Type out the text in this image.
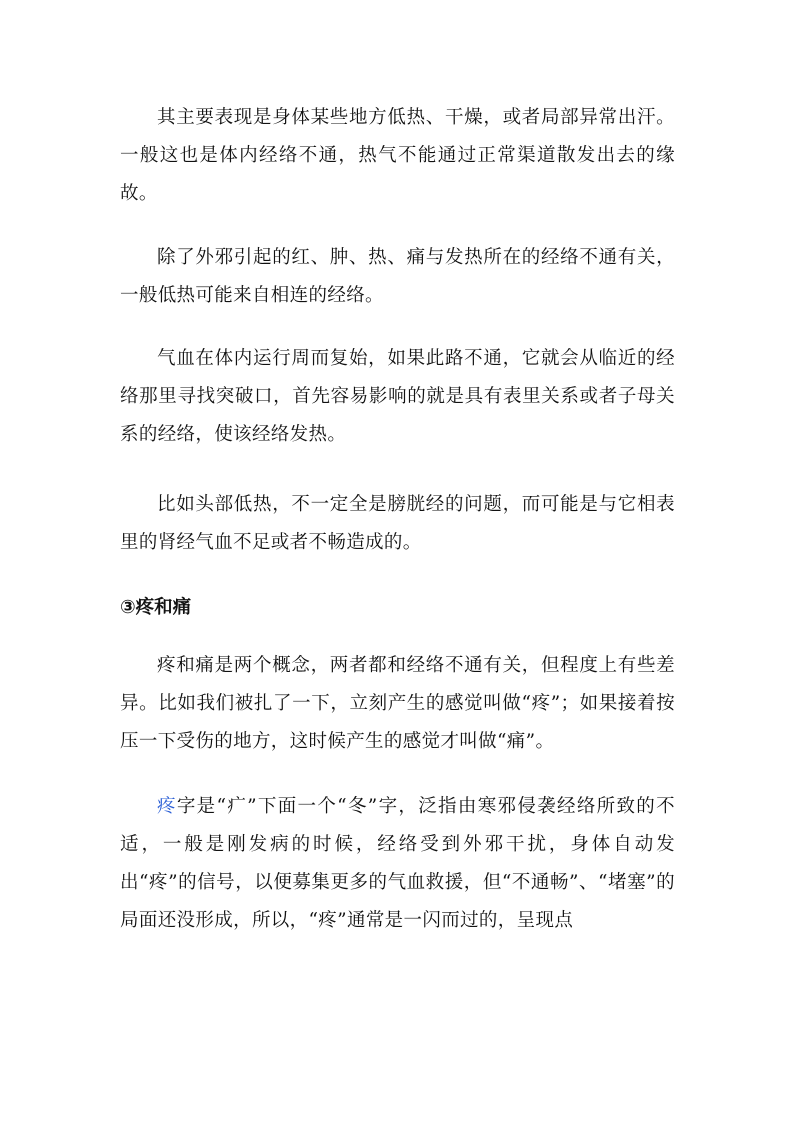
其主要表现是身体某些地方低热、干燥，或者局部异常出汗。一般这也是体内经络不通，热气不能通过正常渠道散发出去的缘故。

除了外邪引起的红、肿、热、痛与发热所在的经络不通有关，一般低热可能来自相连的经络。

气血在体内运行周而复始，如果此路不通，它就会从临近的经络那里寻找突破口，首先容易影响的就是具有表里关系或者子母关系的经络，使该经络发热。

比如头部低热，不一定全是膀胱经的问题，而可能是与它相表里的肾经气血不足或者不畅造成的。

③疼和痛

疼和痛是两个概念，两者都和经络不通有关，但程度上有些差异。比如我们被扎了一下，立刻产生的感觉叫做“疼”；如果接着按压一下受伤的地方，这时候产生的感觉才叫做“痛”。

疼字是“疒”下面一个“冬”字，泛指由寒邪侵袭经络所致的不适，一般是刚发病的时候，经络受到外邪干扰，身体自动发出“疼”的信号，以便募集更多的气血救援，但“不通畅”、“堵塞”的局面还没形成，所以，“疼”通常是一闪而过的，呈现点
